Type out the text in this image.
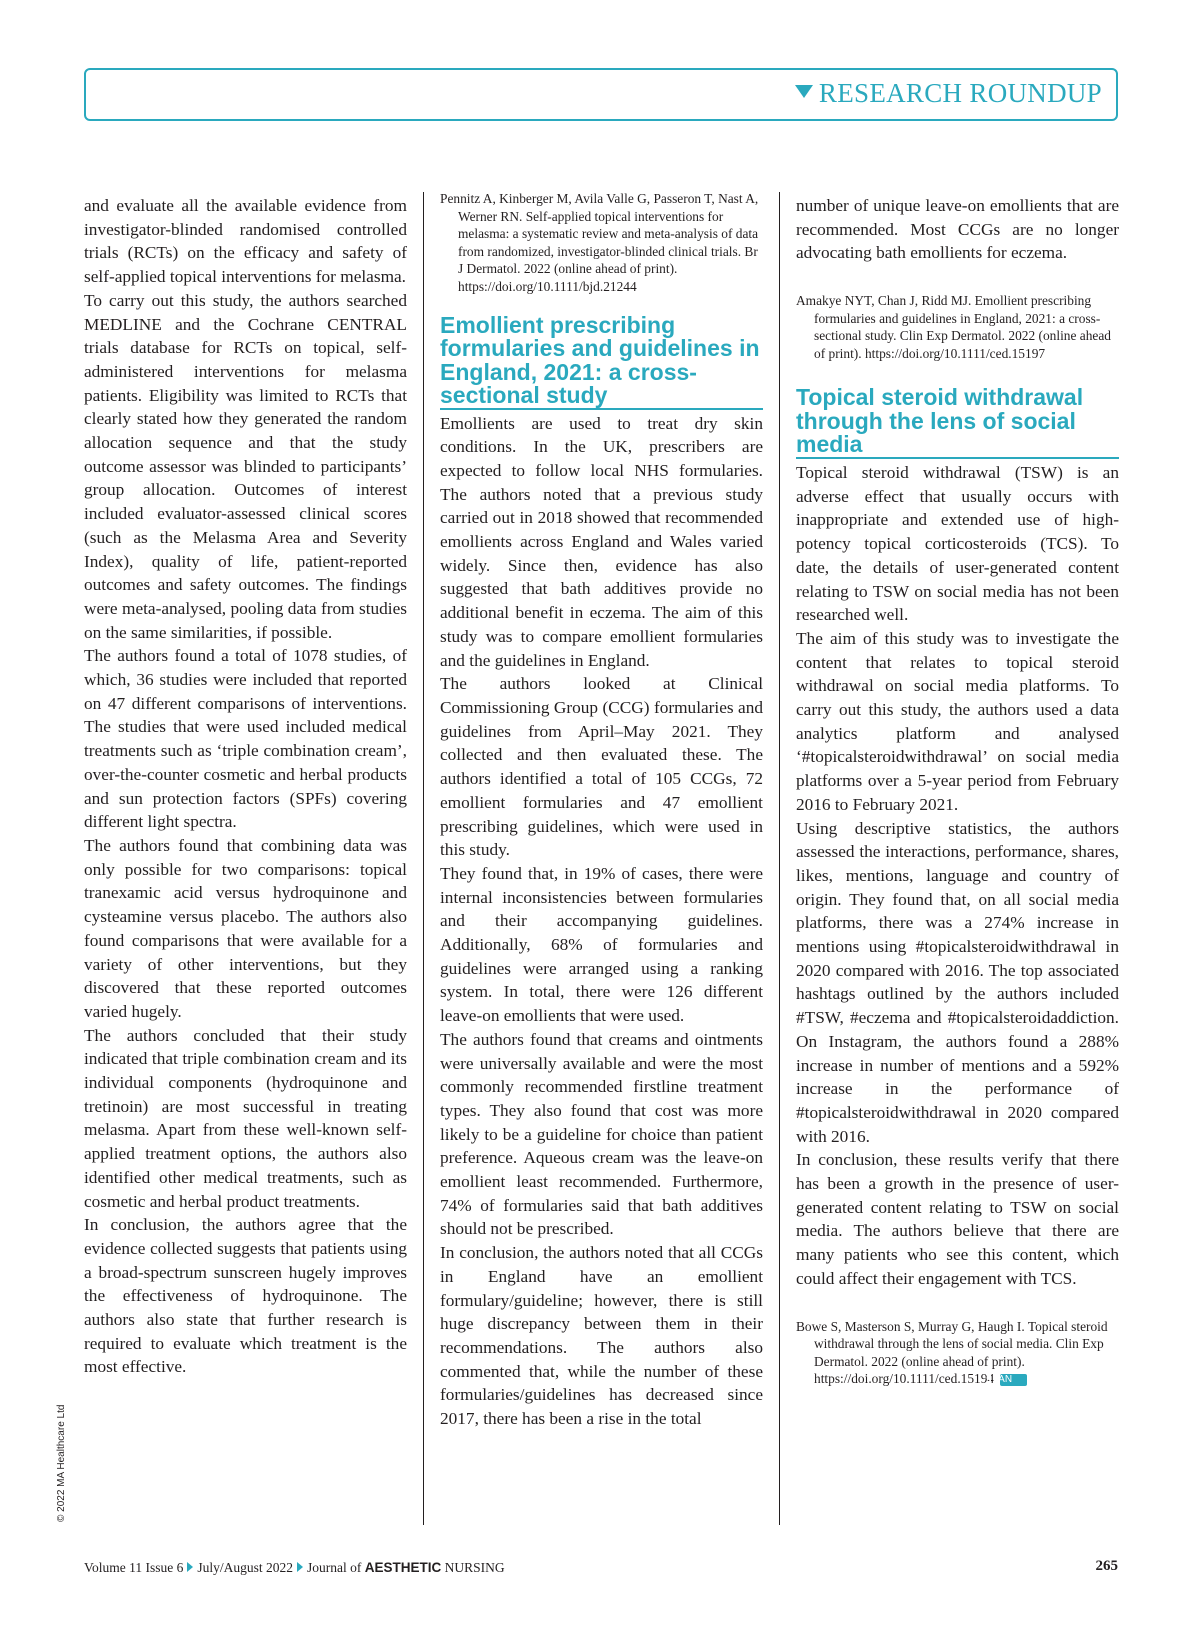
RESEARCH ROUNDUP

and evaluate all the available evidence from investigator-blinded randomised controlled trials (RCTs) on the efficacy and safety of self-applied topical interventions for melasma.

To carry out this study, the authors searched MEDLINE and the Cochrane CENTRAL trials database for RCTs on topical, self-administered interventions for melasma patients. Eligibility was limited to RCTs that clearly stated how they generated the random allocation sequence and that the study outcome assessor was blinded to participants’ group allocation. Outcomes of interest included evaluator-assessed clinical scores (such as the Melasma Area and Severity Index), quality of life, patient-reported outcomes and safety outcomes. The findings were meta-analysed, pooling data from studies on the same similarities, if possible.

The authors found a total of 1078 studies, of which, 36 studies were included that reported on 47 different comparisons of interventions. The studies that were used included medical treatments such as ‘triple combination cream’, over-the-counter cosmetic and herbal products and sun protection factors (SPFs) covering different light spectra.

The authors found that combining data was only possible for two comparisons: topical tranexamic acid versus hydroquinone and cysteamine versus placebo. The authors also found comparisons that were available for a variety of other interventions, but they discovered that these reported outcomes varied hugely.

The authors concluded that their study indicated that triple combination cream and its individual components (hydroquinone and tretinoin) are most successful in treating melasma. Apart from these well-known self-applied treatment options, the authors also identified other medical treatments, such as cosmetic and herbal product treatments.

In conclusion, the authors agree that the evidence collected suggests that patients using a broad-spectrum sunscreen hugely improves the effectiveness of hydroquinone. The authors also state that further research is required to evaluate which treatment is the most effective.

Pennitz A, Kinberger M, Avila Valle G, Passeron T, Nast A, Werner RN. Self-applied topical interventions for melasma: a systematic review and meta-analysis of data from randomized, investigator-blinded clinical trials. Br J Dermatol. 2022 (online ahead of print). https://doi.org/10.1111/bjd.21244

Emollient prescribing formularies and guidelines in England, 2021: a cross-sectional study

Emollients are used to treat dry skin conditions. In the UK, prescribers are expected to follow local NHS formularies. The authors noted that a previous study carried out in 2018 showed that recommended emollients across England and Wales varied widely. Since then, evidence has also suggested that bath additives provide no additional benefit in eczema. The aim of this study was to compare emollient formularies and the guidelines in England.

The authors looked at Clinical Commissioning Group (CCG) formularies and guidelines from April–May 2021. They collected and then evaluated these. The authors identified a total of 105 CCGs, 72 emollient formularies and 47 emollient prescribing guidelines, which were used in this study.

They found that, in 19% of cases, there were internal inconsistencies between formularies and their accompanying guidelines. Additionally, 68% of formularies and guidelines were arranged using a ranking system. In total, there were 126 different leave-on emollients that were used.

The authors found that creams and ointments were universally available and were the most commonly recommended firstline treatment types. They also found that cost was more likely to be a guideline for choice than patient preference. Aqueous cream was the leave-on emollient least recommended. Furthermore, 74% of formularies said that bath additives should not be prescribed.

In conclusion, the authors noted that all CCGs in England have an emollient formulary/guideline; however, there is still huge discrepancy between them in their recommendations. The authors also commented that, while the number of these formularies/guidelines has decreased since 2017, there has been a rise in the total

number of unique leave-on emollients that are recommended. Most CCGs are no longer advocating bath emollients for eczema.

Amakye NYT, Chan J, Ridd MJ. Emollient prescribing formularies and guidelines in England, 2021: a cross-sectional study. Clin Exp Dermatol. 2022 (online ahead of print). https://doi.org/10.1111/ced.15197

Topical steroid withdrawal through the lens of social media

Topical steroid withdrawal (TSW) is an adverse effect that usually occurs with inappropriate and extended use of high-potency topical corticosteroids (TCS). To date, the details of user-generated content relating to TSW on social media has not been researched well.

The aim of this study was to investigate the content that relates to topical steroid withdrawal on social media platforms. To carry out this study, the authors used a data analytics platform and analysed ‘#topicalsteroidwithdrawal’ on social media platforms over a 5-year period from February 2016 to February 2021.

Using descriptive statistics, the authors assessed the interactions, performance, shares, likes, mentions, language and country of origin. They found that, on all social media platforms, there was a 274% increase in mentions using #topicalsteroidwithdrawal in 2020 compared with 2016. The top associated hashtags outlined by the authors included #TSW, #eczema and #topicalsteroidaddiction. On Instagram, the authors found a 288% increase in number of mentions and a 592% increase in the performance of #topicalsteroidwithdrawal in 2020 compared with 2016.

In conclusion, these results verify that there has been a growth in the presence of user-generated content relating to TSW on social media. The authors believe that there are many patients who see this content, which could affect their engagement with TCS.

Bowe S, Masterson S, Murray G, Haugh I. Topical steroid withdrawal through the lens of social media. Clin Exp Dermatol. 2022 (online ahead of print). https://doi.org/10.1111/ced.15194JAN

© 2022 MA Healthcare Ltd
Volume 11 Issue 6 July/August 2022 Journal of AESTHETIC NURSING	265
